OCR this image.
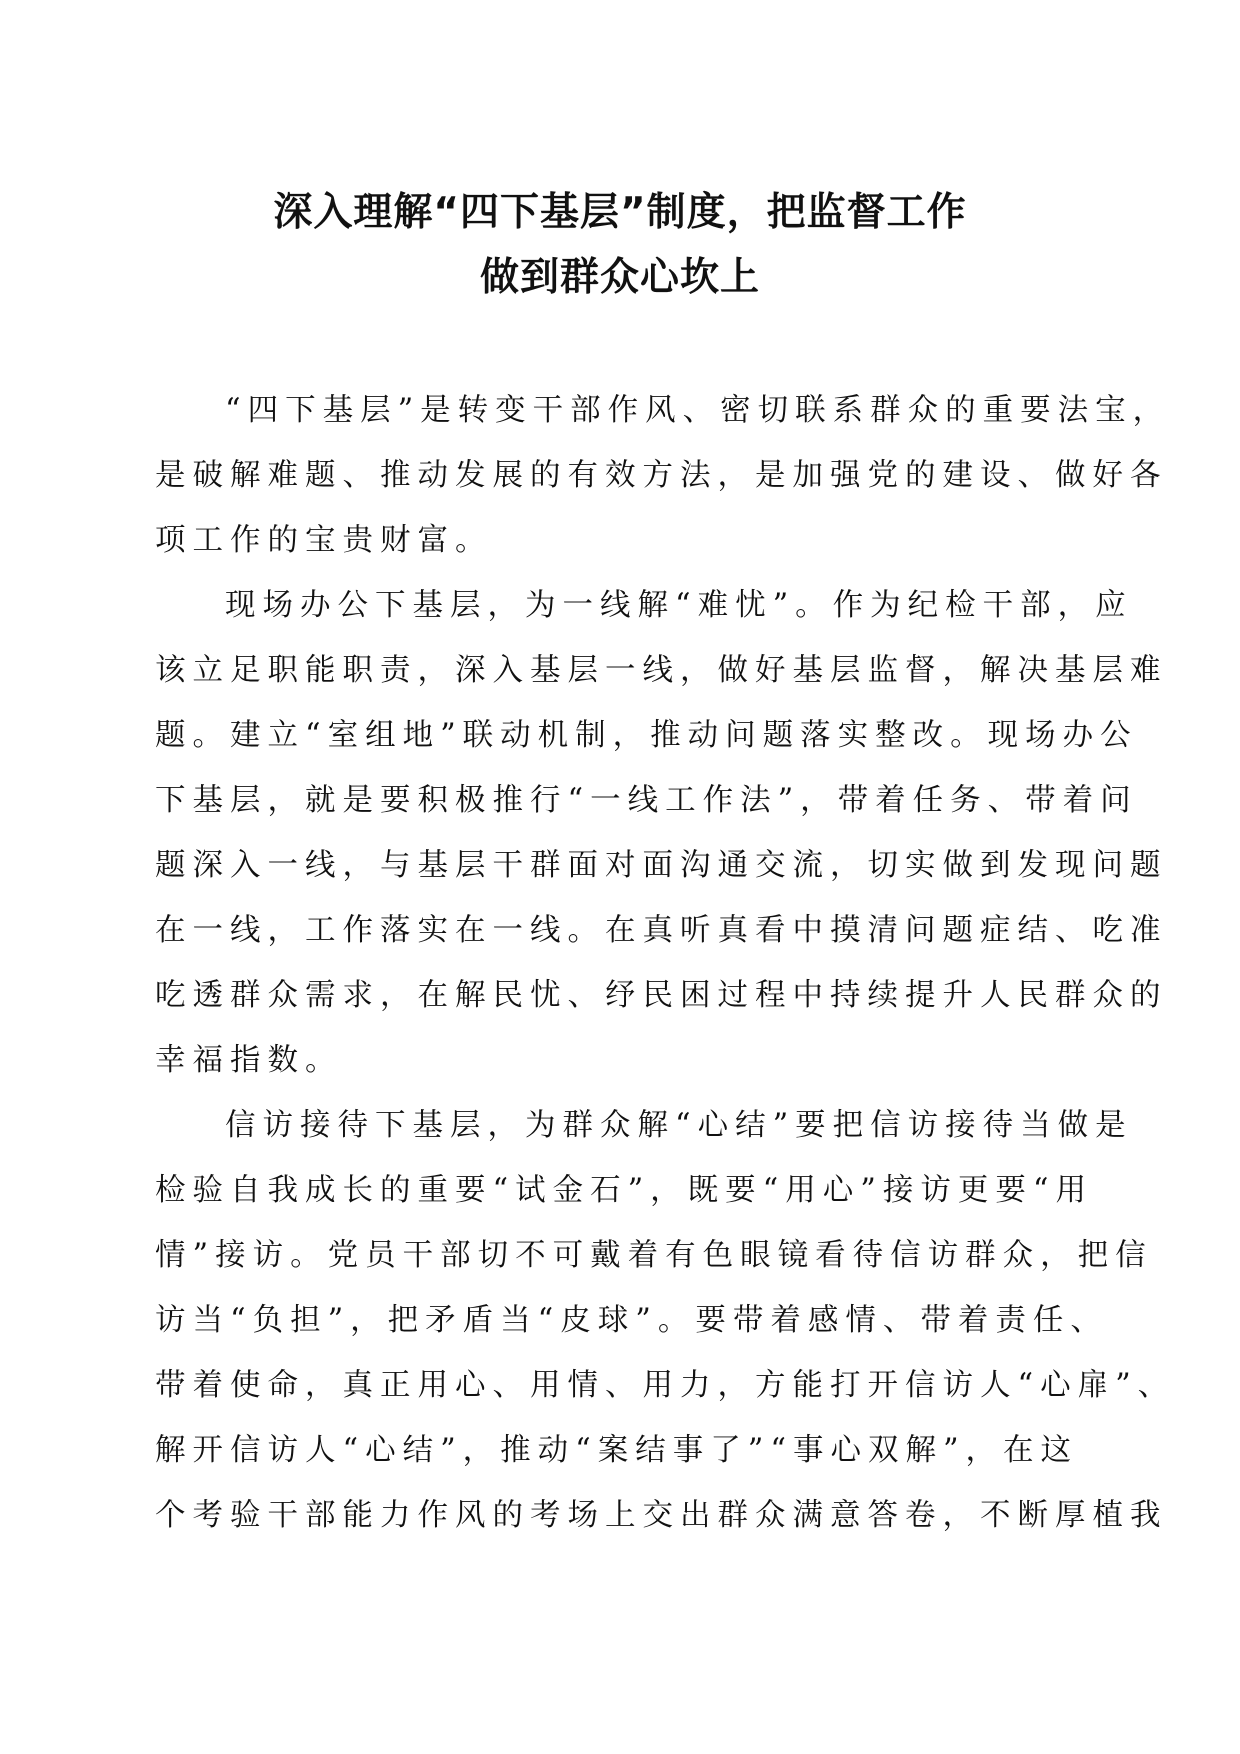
深入理解“四下基层”制度，把监督工作
做到群众心坎上
“四下基层”是转变干部作风、密切联系群众的重要法宝，
是破解难题、推动发展的有效方法，是加强党的建设、做好各
项工作的宝贵财富。
现场办公下基层，为一线解“难忧”。作为纪检干部，应
该立足职能职责，深入基层一线，做好基层监督，解决基层难
题。建立“室组地”联动机制，推动问题落实整改。现场办公
下基层，就是要积极推行“一线工作法”，带着任务、带着问
题深入一线，与基层干群面对面沟通交流，切实做到发现问题
在一线，工作落实在一线。在真听真看中摸清问题症结、吃准
吃透群众需求，在解民忧、纾民困过程中持续提升人民群众的
幸福指数。
信访接待下基层，为群众解“心结”要把信访接待当做是
检验自我成长的重要“试金石”，既要“用心”接访更要“用
情”接访。党员干部切不可戴着有色眼镜看待信访群众，把信
访当“负担”，把矛盾当“皮球”。要带着感情、带着责任、
带着使命，真正用心、用情、用力，方能打开信访人“心扉”、
解开信访人“心结”，推动“案结事了”“事心双解”，在这
个考验干部能力作风的考场上交出群众满意答卷，不断厚植我
